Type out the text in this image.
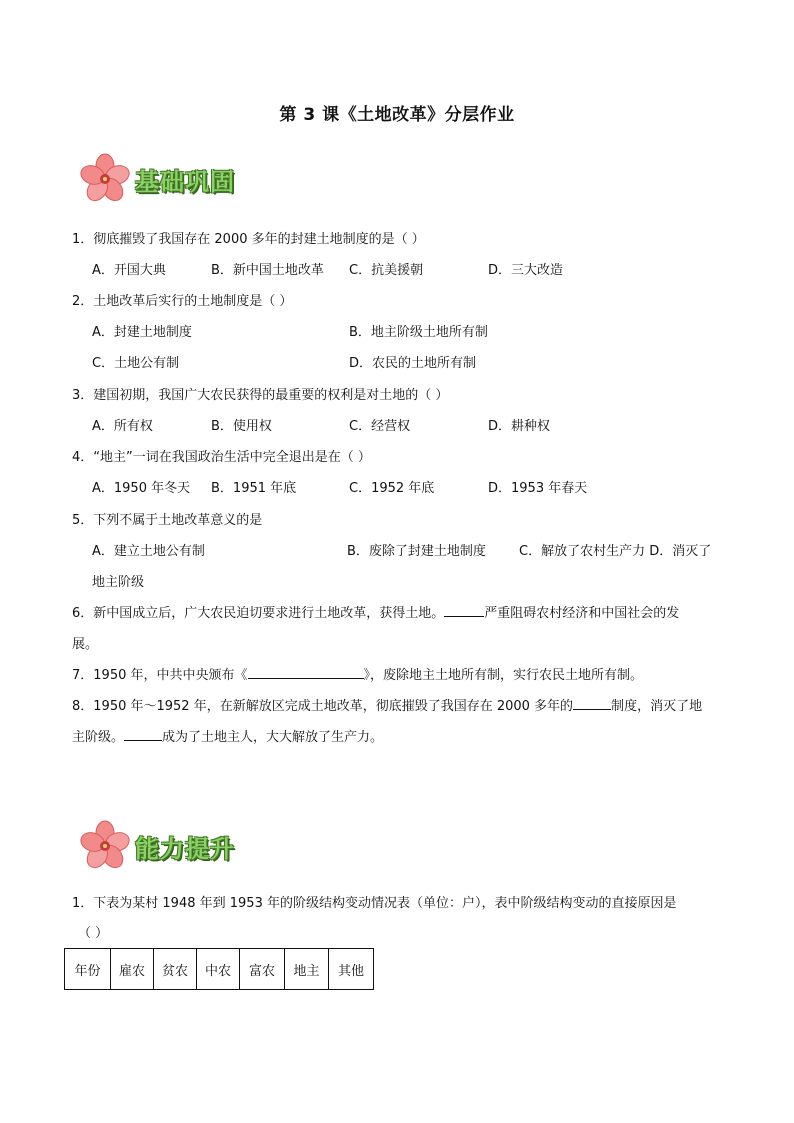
第 3 课《土地改革》分层作业
基础巩固
1．彻底摧毁了我国存在 2000 多年的封建土地制度的是（ ）
A．开国大典	B．新中国土地改革 C．抗美援朝	D．三大改造
2．土地改革后实行的土地制度是（ ）
A．封建土地制度	B．地主阶级土地所有制
C．土地公有制	D．农民的土地所有制
3．建国初期，我国广大农民获得的最重要的权利是对土地的（ ）
A．所有权	B．使用权	C．经营权	D．耕种权
4．“地主”一词在我国政治生活中完全退出是在（ ）
A．1950 年冬天 B．1951 年底	C．1952 年底	D．1953 年春天
5．下列不属于土地改革意义的是
A．建立土地公有制	B．废除了封建土地制度	C．解放了农村生产力 D．消灭了
地主阶级
6．新中国成立后，广大农民迫切要求进行土地改革，获得土地。	严重阻碍农村经济和中国社会的发
展。
7．1950 年，中共中央颁布《	》，废除地主土地所有制，实行农民土地所有制。
8．1950 年～1952 年，在新解放区完成土地改革，彻底摧毁了我国存在 2000 多年的	制度，消灭了地
主阶级。	成为了土地主人，大大解放了生产力。
能力提升
1．下表为某村 1948 年到 1953 年的阶级结构变动情况表（单位：户），表中阶级结构变动的直接原因是
（ ）
年份	雇农	贫农	中农	富农	地主	其他
